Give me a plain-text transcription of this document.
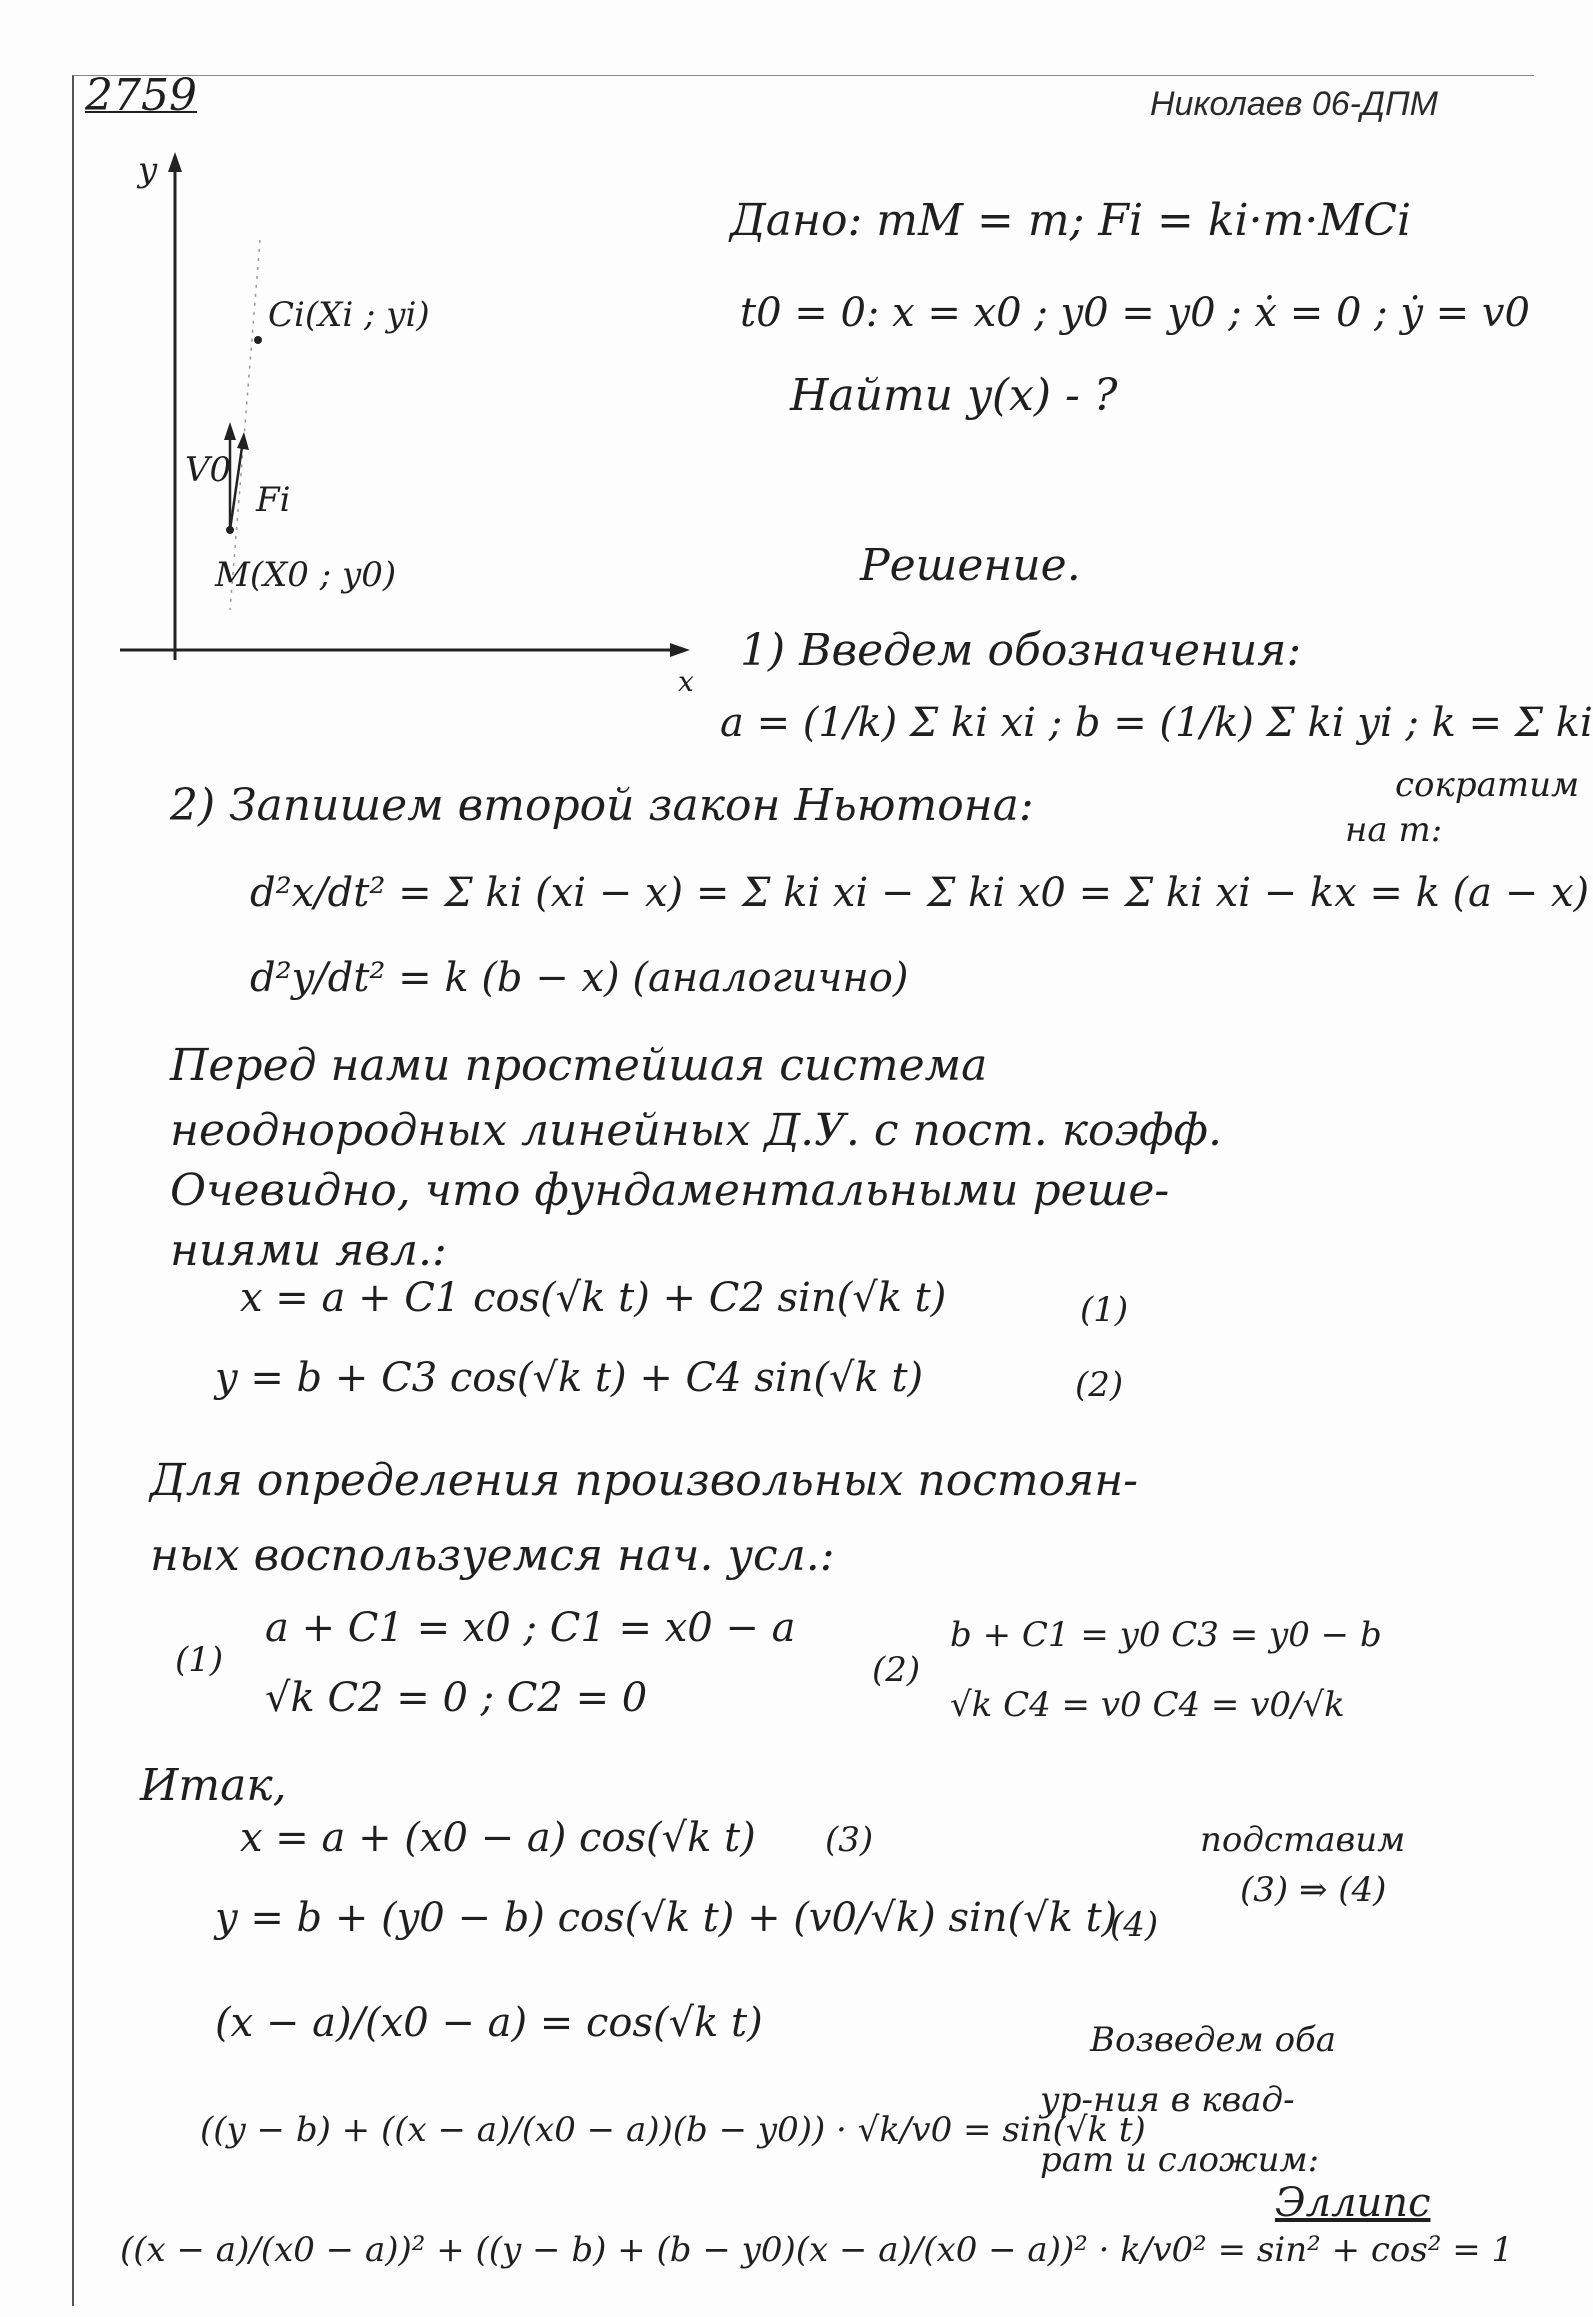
2759	Николаев 06-ДПМ
y
x
Ci(Xi ; yi)
V0
Fi
M(X0 ; y0)
Дано: mM = m; Fi = ki·m·MCi
t0 = 0: x = x0 ; y0 = y0 ; ẋ = 0 ; ẏ = v0
Найти y(x) - ?
Решение.
1) Введем обозначения:
a = (1/k) Σ ki xi ; b = (1/k) Σ ki yi ; k = Σ ki
2) Запишем второй закон Ньютона:	сократим
на m:
d²x/dt² = Σ ki (xi − x) = Σ ki xi − Σ ki x0 = Σ ki xi − kx = k (a − x)
d²y/dt² = k (b − x) (аналогично)
Перед нами простейшая система
неоднородных линейных Д.У. с пост. коэфф.
Очевидно, что фундаментальными реше-
ниями явл.:
x = a + C1 cos(√k t) + C2 sin(√k t)	(1)
y = b + C3 cos(√k t) + C4 sin(√k t)	(2)
Для определения произвольных постоян-
ных воспользуемся нач. усл.:
(1)
a + C1 = x0 ; C1 = x0 − a
√k C2 = 0 ; C2 = 0
(2)
b + C1 = y0 C3 = y0 − b
√k C4 = v0 C4 = v0/√k
Итак,
x = a + (x0 − a) cos(√k t) (3)
y = b + (y0 − b) cos(√k t) + (v0/√k) sin(√k t)
(4)
подставим
(3) ⇒ (4)
(x − a)/(x0 − a) = cos(√k t)
((y − b) + ((x − a)/(x0 − a))(b − y0)) · √k/v0 = sin(√k t)
Возведем оба
ур-ния в квад-
рат и сложим:
((x − a)/(x0 − a))² + ((y − b) + (b − y0)(x − a)/(x0 − a))² · k/v0² = sin² + cos² = 1
Эллипс
